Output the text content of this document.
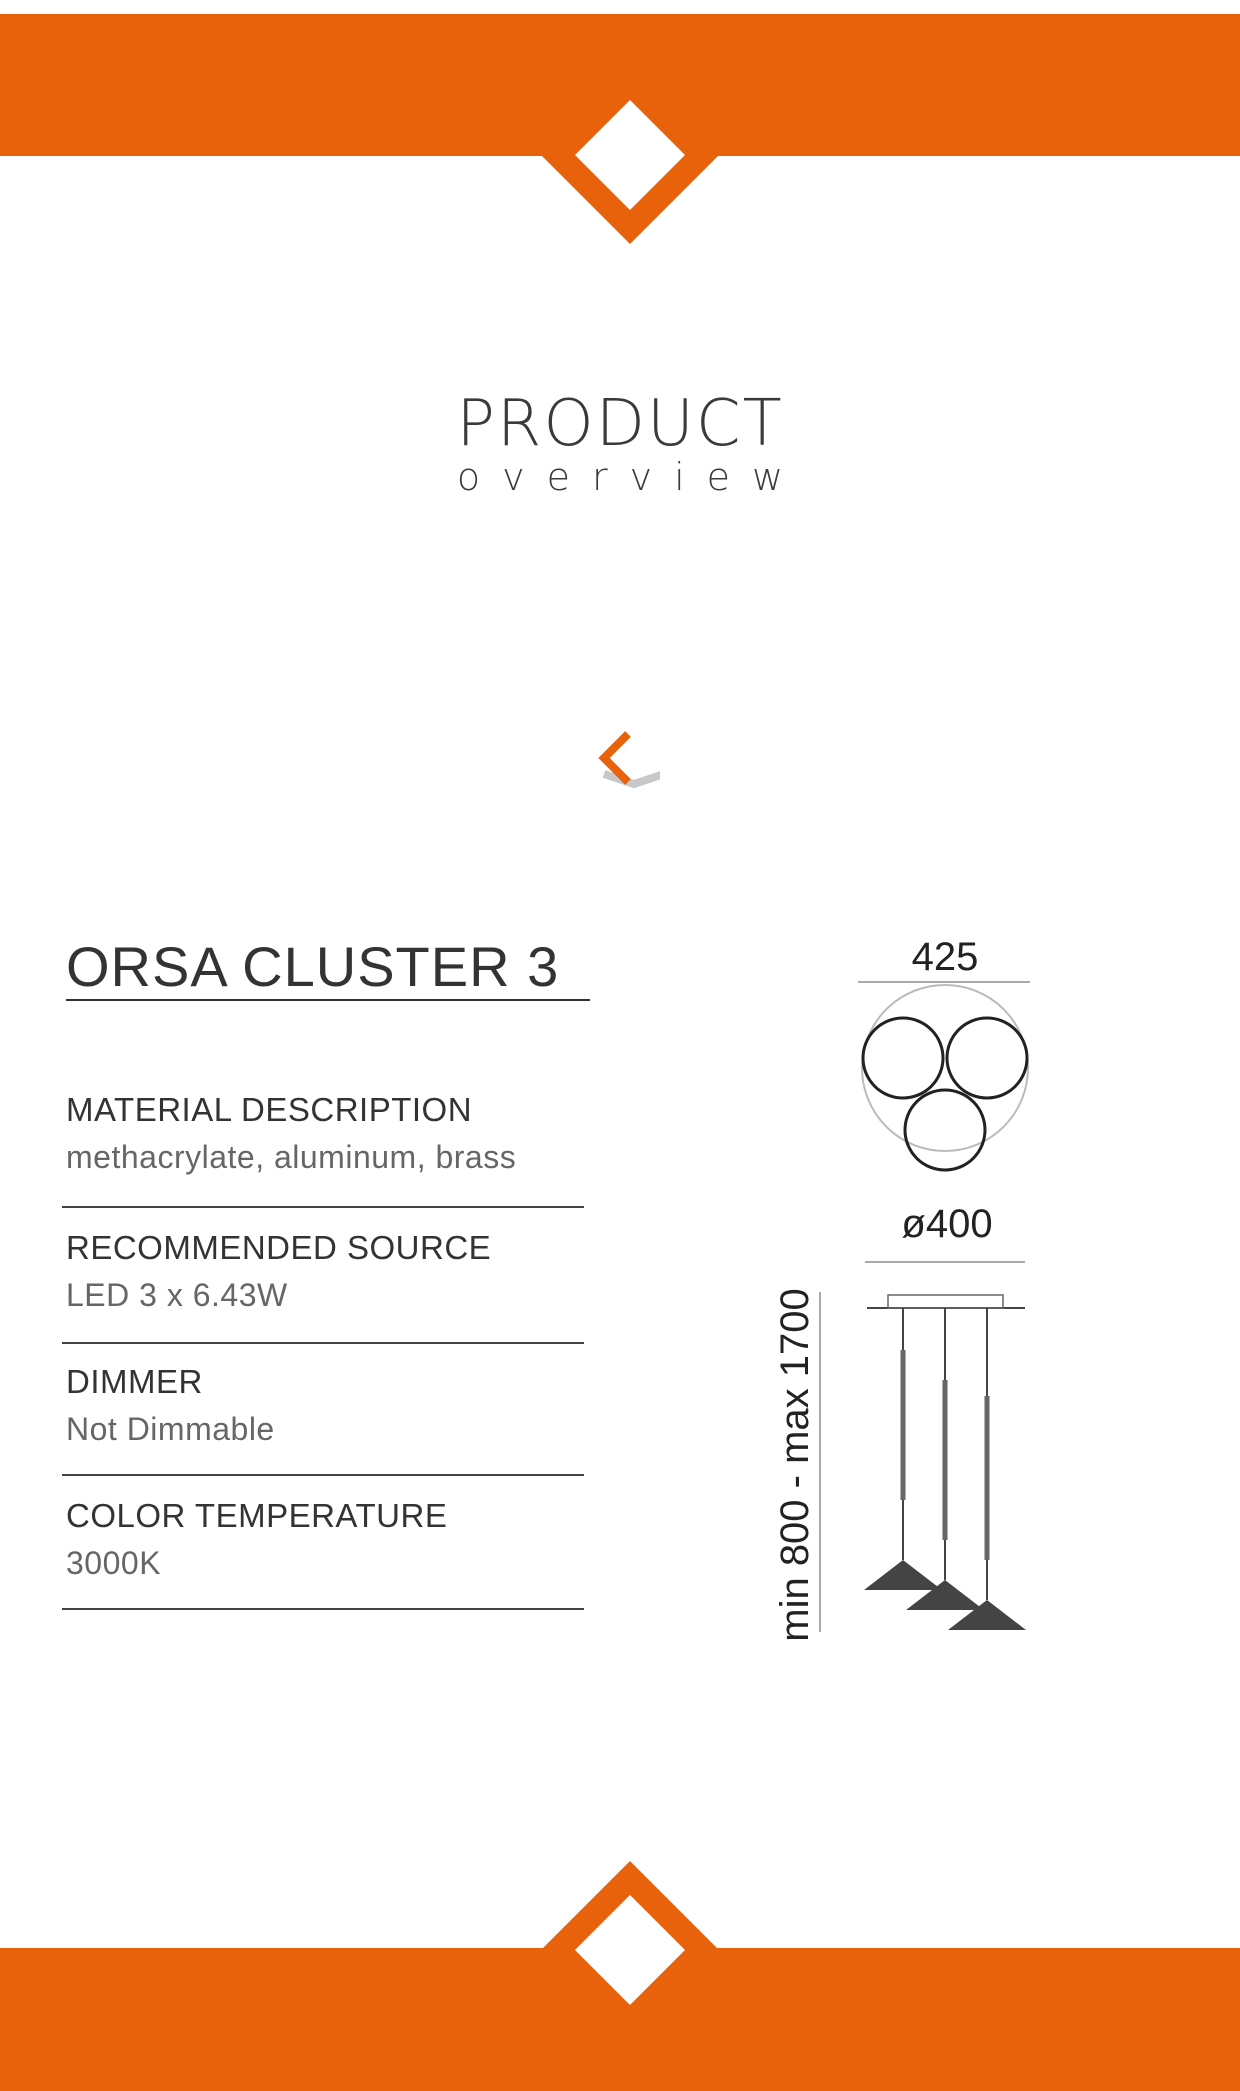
PRODUCT
overview
ORSA CLUSTER 3
MATERIAL DESCRIPTION
methacrylate, aluminum, brass
RECOMMENDED SOURCE
LED 3 x 6.43W
DIMMER
Not Dimmable
COLOR TEMPERATURE
3000K
425
ø400
min 800 - max 1700
